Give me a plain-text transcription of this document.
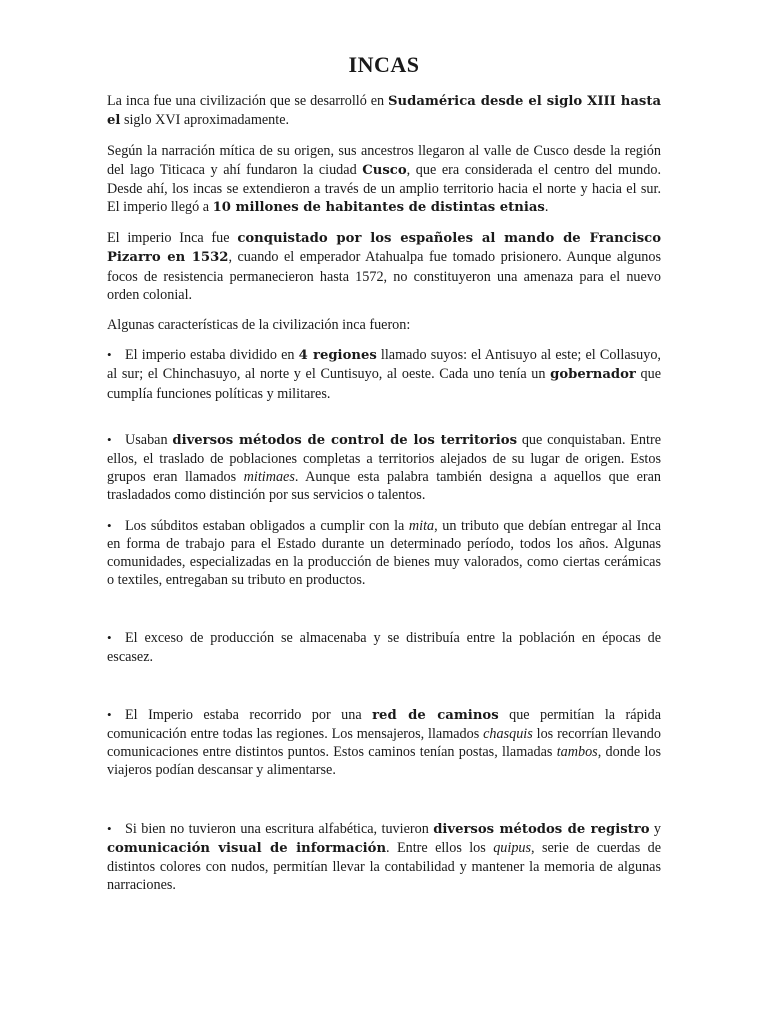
INCAS

La inca fue una civilización que se desarrolló en Sudamérica desde el siglo XIII hasta el siglo XVI aproximadamente.

Según la narración mítica de su origen, sus ancestros llegaron al valle de Cusco desde la región del lago Titicaca y ahí fundaron la ciudad Cusco, que era considerada el centro del mundo. Desde ahí, los incas se extendieron a través de un amplio territorio hacia el norte y hacia el sur. El imperio llegó a 10 millones de habitantes de distintas etnias.

El imperio Inca fue conquistado por los españoles al mando de Francisco Pizarro en 1532, cuando el emperador Atahualpa fue tomado prisionero. Aunque algunos focos de resistencia permanecieron hasta 1572, no constituyeron una amenaza para el nuevo orden colonial.

Algunas características de la civilización inca fueron:

• El imperio estaba dividido en 4 regiones llamado suyos: el Antisuyo al este; el Collasuyo, al sur; el Chinchasuyo, al norte y el Cuntisuyo, al oeste. Cada uno tenía un gobernador que cumplía funciones políticas y militares.

• Usaban diversos métodos de control de los territorios que conquistaban. Entre ellos, el traslado de poblaciones completas a territorios alejados de su lugar de origen. Estos grupos eran llamados mitimaes. Aunque esta palabra también designa a aquellos que eran trasladados como distinción por sus servicios o talentos.

• Los súbditos estaban obligados a cumplir con la mita, un tributo que debían entregar al Inca en forma de trabajo para el Estado durante un determinado período, todos los años. Algunas comunidades, especializadas en la producción de bienes muy valorados, como ciertas cerámicas o textiles, entregaban su tributo en productos.

• El exceso de producción se almacenaba y se distribuía entre la población en épocas de escasez.

• El Imperio estaba recorrido por una red de caminos que permitían la rápida comunicación entre todas las regiones. Los mensajeros, llamados chasquis los recorrían llevando comunicaciones entre distintos puntos. Estos caminos tenían postas, llamadas tambos, donde los viajeros podían descansar y alimentarse.

• Si bien no tuvieron una escritura alfabética, tuvieron diversos métodos de registro y comunicación visual de información. Entre ellos los quipus, serie de cuerdas de distintos colores con nudos, permitían llevar la contabilidad y mantener la memoria de algunas narraciones.
